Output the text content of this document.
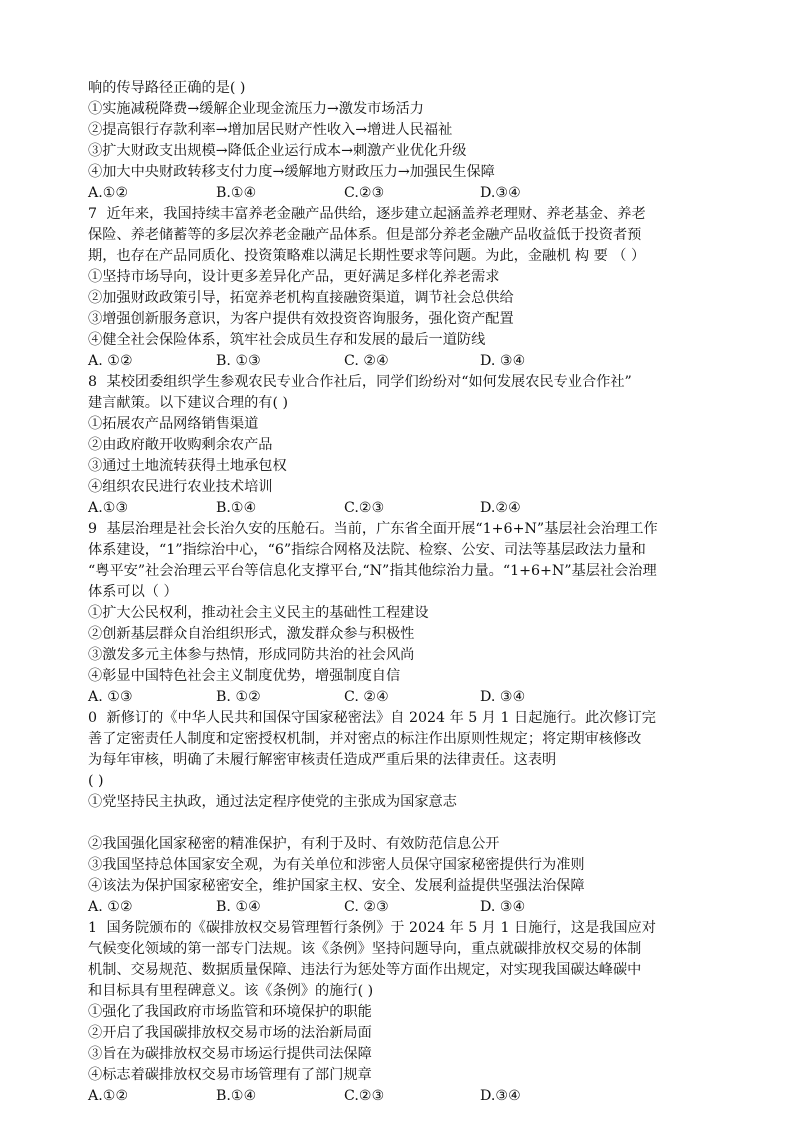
响的传导路径正确的是( )
①实施减税降费→缓解企业现金流压力→激发市场活力
②提高银行存款利率→增加居民财产性收入→增进人民福祉
③扩大财政支出规模→降低企业运行成本→刺激产业优化升级
④加大中央财政转移支付力度→缓解地方财政压力→加强民生保障
A.①②	B.①④	C.②③	D.③④
7 近年来，我国持续丰富养老金融产品供给，逐步建立起涵盖养老理财、养老基金、养老
保险、养老储蓄等的多层次养老金融产品体系。但是部分养老金融产品收益低于投资者预
期，也存在产品同质化、投资策略难以满足长期性要求等问题。为此，金融机 构 要 （ ）
①坚持市场导向，设计更多差异化产品，更好满足多样化养老需求
②加强财政政策引导，拓宽养老机构直接融资渠道，调节社会总供给
③增强创新服务意识，为客户提供有效投资咨询服务，强化资产配置
④健全社会保险体系，筑牢社会成员生存和发展的最后一道防线
A. ①②	B. ①③	C. ②④	D. ③④
8 某校团委组织学生参观农民专业合作社后，同学们纷纷对“如何发展农民专业合作社”
建言献策。以下建议合理的有( )
①拓展农产品网络销售渠道
②由政府敞开收购剩余农产品
③通过土地流转获得土地承包权
④组织农民进行农业技术培训
A.①③	B.①④	C.②③	D.②④
9 基层治理是社会长治久安的压舱石。当前，广东省全面开展“1+6+N”基层社会治理工作
体系建设，“1”指综治中心，“6”指综合网格及法院、检察、公安、司法等基层政法力量和
“粤平安”社会治理云平台等信息化支撑平台,“N”指其他综治力量。“1+6+N”基层社会治理
体系可以（ ）
①扩大公民权利，推动社会主义民主的基础性工程建设
②创新基层群众自治组织形式，激发群众参与积极性
③激发多元主体参与热情，形成同防共治的社会风尚
④彰显中国特色社会主义制度优势，增强制度自信
A. ①③	B. ①②	C. ②④	D. ③④
0 新修订的《中华人民共和国保守国家秘密法》自 2024 年 5 月 1 日起施行。此次修订完
善了定密责任人制度和定密授权机制，并对密点的标注作出原则性规定；将定期审核修改
为每年审核，明确了未履行解密审核责任造成严重后果的法律责任。这表明
( )
①党坚持民主执政，通过法定程序使党的主张成为国家意志
②我国强化国家秘密的精准保护，有利于及时、有效防范信息公开
③我国坚持总体国家安全观，为有关单位和涉密人员保守国家秘密提供行为准则
④该法为保护国家秘密安全，维护国家主权、安全、发展利益提供坚强法治保障
A. ①②	B. ①④	C. ②③	D. ③④
1 国务院颁布的《碳排放权交易管理暂行条例》于 2024 年 5 月 1 日施行，这是我国应对
气候变化领域的第一部专门法规。该《条例》坚持问题导向，重点就碳排放权交易的体制
机制、交易规范、数据质量保障、违法行为惩处等方面作出规定，对实现我国碳达峰碳中
和目标具有里程碑意义。该《条例》的施行( )
①强化了我国政府市场监管和环境保护的职能
②开启了我国碳排放权交易市场的法治新局面
③旨在为碳排放权交易市场运行提供司法保障
④标志着碳排放权交易市场管理有了部门规章
A.①②	B.①④	C.②③	D.③④
